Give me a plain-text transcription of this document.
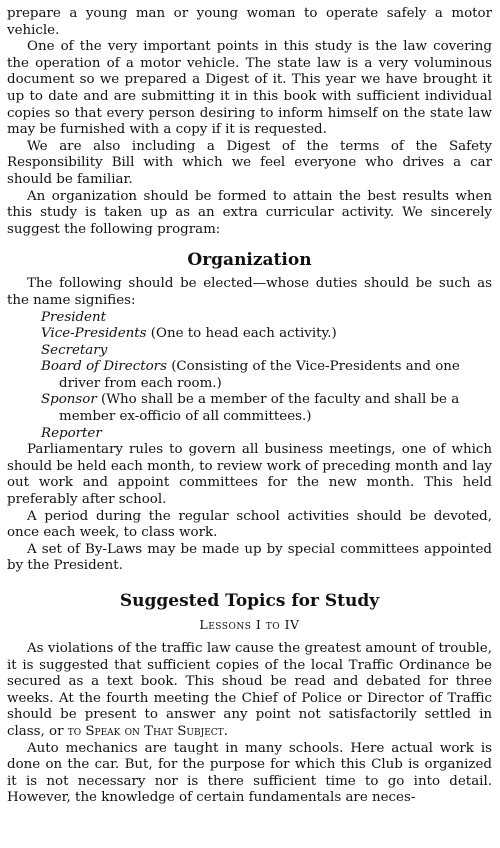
prepare a young man or young woman to operate safely a motor vehicle.

One of the very important points in this study is the law covering the operation of a motor vehicle. The state law is a very voluminous document so we prepared a Digest of it. This year we have brought it up to date and are submitting it in this book with sufficient individual copies so that every person desiring to inform himself on the state law may be furnished with a copy if it is requested.

We are also including a Digest of the terms of the Safety Responsibility Bill with which we feel everyone who drives a car should be familiar.

An organization should be formed to attain the best results when this study is taken up as an extra curricular activity. We sincerely suggest the following program:

Organization

The following should be elected—whose duties should be such as the name signifies:

President
Vice-Presidents (One to head each activity.)
Secretary
Board of Directors (Consisting of the Vice-Presidents and one driver from each room.)
Sponsor (Who shall be a member of the faculty and shall be a member ex-officio of all committees.)
Reporter

Parliamentary rules to govern all business meetings, one of which should be held each month, to review work of preceding month and lay out work and appoint committees for the new month. This held preferably after school.

A period during the regular school activities should be devoted, once each week, to class work.

A set of By-Laws may be made up by special committees appointed by the President.

Suggested Topics for Study
Lessons I to IV

As violations of the traffic law cause the greatest amount of trouble, it is suggested that sufficient copies of the local Traffic Ordinance be secured as a text book. This shoud be read and debated for three weeks. At the fourth meeting the Chief of Police or Director of Traffic should be present to answer any point not satisfactorily settled in class, or to Speak on That Subject.

Auto mechanics are taught in many schools. Here actual work is done on the car. But, for the purpose for which this Club is organized it is not necessary nor is there sufficient time to go into detail. However, the knowledge of certain fundamentals are neces-
